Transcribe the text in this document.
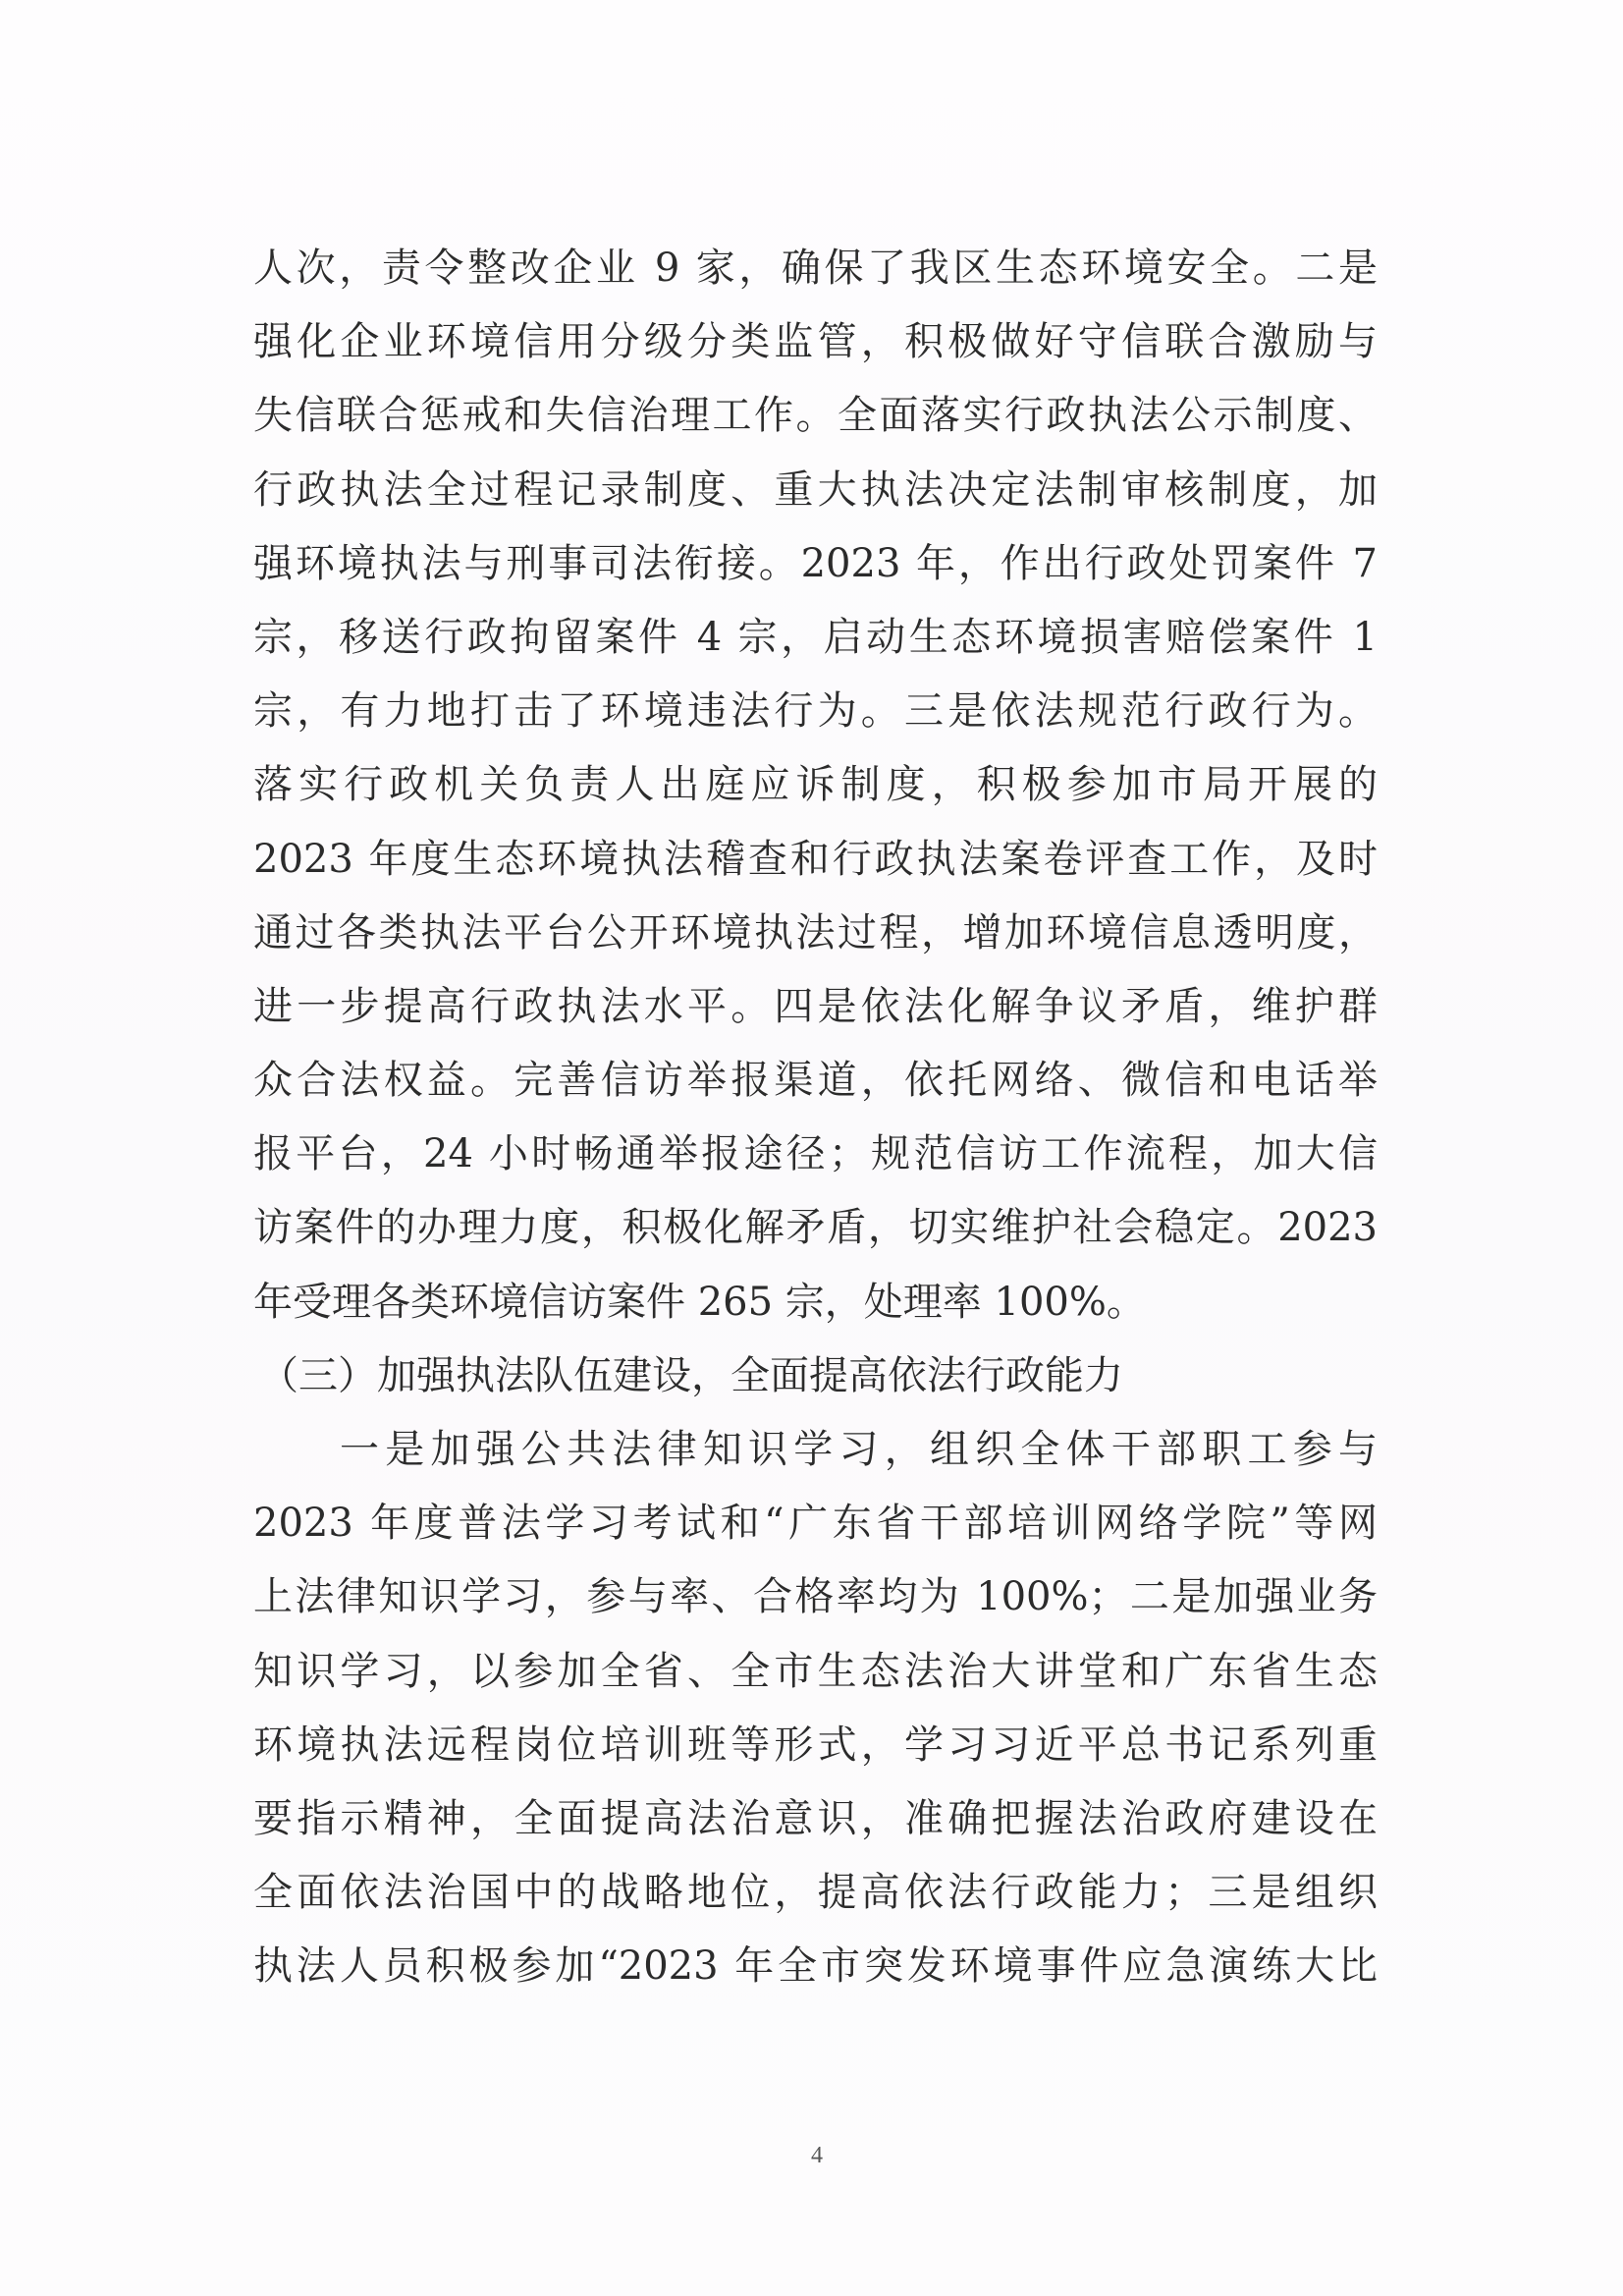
人次，责令整改企业 9 家，确保了我区生态环境安全。二是
强化企业环境信用分级分类监管，积极做好守信联合激励与
失信联合惩戒和失信治理工作。全面落实行政执法公示制度、
行政执法全过程记录制度、重大执法决定法制审核制度，加
强环境执法与刑事司法衔接。2023 年，作出行政处罚案件 7
宗，移送行政拘留案件 4 宗，启动生态环境损害赔偿案件 1
宗，有力地打击了环境违法行为。三是依法规范行政行为。
落实行政机关负责人出庭应诉制度，积极参加市局开展的
2023 年度生态环境执法稽查和行政执法案卷评查工作，及时
通过各类执法平台公开环境执法过程，增加环境信息透明度，
进一步提高行政执法水平。四是依法化解争议矛盾，维护群
众合法权益。完善信访举报渠道，依托网络、微信和电话举
报平台，24 小时畅通举报途径；规范信访工作流程，加大信
访案件的办理力度，积极化解矛盾，切实维护社会稳定。2023
年受理各类环境信访案件 265 宗，处理率 100%。
（三）加强执法队伍建设，全面提高依法行政能力
一是加强公共法律知识学习，组织全体干部职工参与
2023 年度普法学习考试和“广东省干部培训网络学院”等网
上法律知识学习，参与率、合格率均为 100%；二是加强业务
知识学习，以参加全省、全市生态法治大讲堂和广东省生态
环境执法远程岗位培训班等形式，学习习近平总书记系列重
要指示精神，全面提高法治意识，准确把握法治政府建设在
全面依法治国中的战略地位，提高依法行政能力；三是组织
执法人员积极参加“2023 年全市突发环境事件应急演练大比
4
